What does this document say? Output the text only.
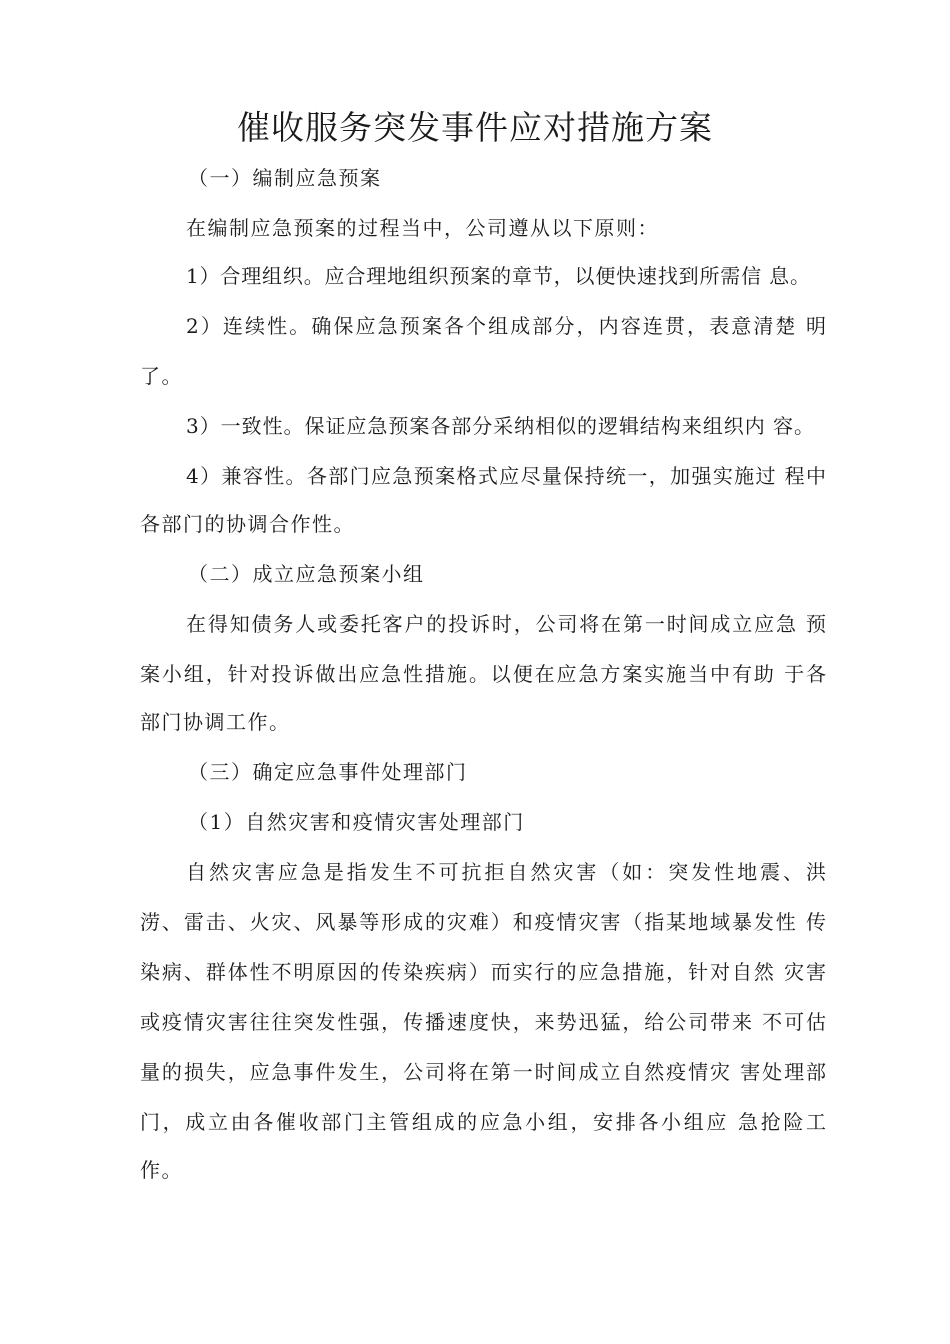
催收服务突发事件应对措施方案
（一）编制应急预案
在编制应急预案的过程当中，公司遵从以下原则：
1）合理组织。应合理地组织预案的章节，以便快速找到所需信 息。
2）连续性。确保应急预案各个组成部分，内容连贯，表意清楚 明
了。
3）一致性。保证应急预案各部分采纳相似的逻辑结构来组织内 容。
4）兼容性。各部门应急预案格式应尽量保持统一，加强实施过 程中
各部门的协调合作性。
（二）成立应急预案小组
在得知债务人或委托客户的投诉时，公司将在第一时间成立应急 预
案小组，针对投诉做出应急性措施。以便在应急方案实施当中有助 于各
部门协调工作。
（三）确定应急事件处理部门
（1）自然灾害和疫情灾害处理部门
自然灾害应急是指发生不可抗拒自然灾害（如：突发性地震、洪
涝、雷击、火灾、风暴等形成的灾难）和疫情灾害（指某地域暴发性 传
染病、群体性不明原因的传染疾病）而实行的应急措施，针对自然 灾害
或疫情灾害往往突发性强，传播速度快，来势迅猛，给公司带来 不可估
量的损失，应急事件发生，公司将在第一时间成立自然疫情灾 害处理部
门，成立由各催收部门主管组成的应急小组，安排各小组应 急抢险工
作。
